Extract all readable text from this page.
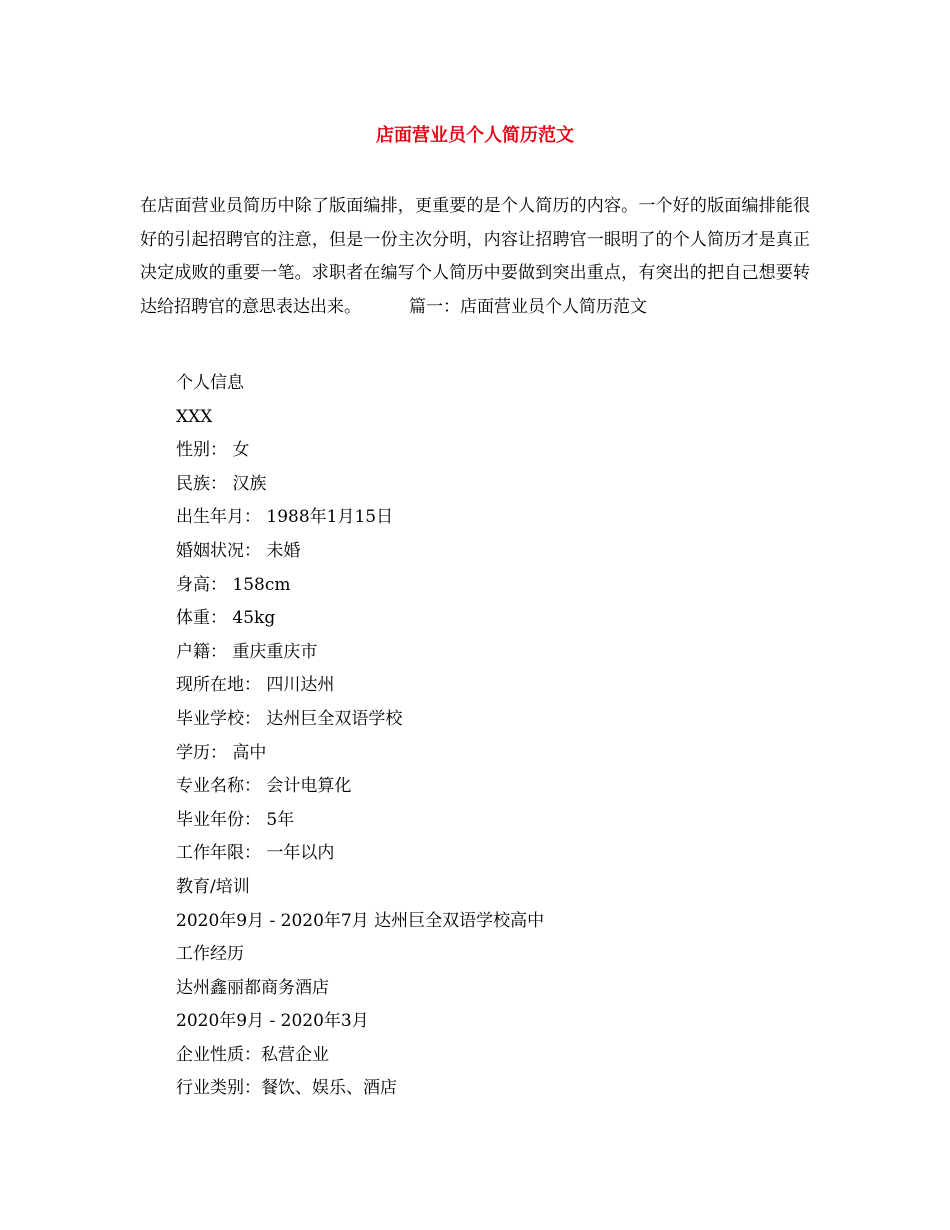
店面营业员个人简历范文

在店面营业员简历中除了版面编排，更重要的是个人简历的内容。一个好的版面编排能很好的引起招聘官的注意，但是一份主次分明，内容让招聘官一眼明了的个人简历才是真正决定成败的重要一笔。求职者在编写个人简历中要做到突出重点，有突出的把自己想要转达给招聘官的意思表达出来。	篇一：店面营业员个人简历范文

个人信息
XXX
性别： 女
民族： 汉族
出生年月： 1988年1月15日
婚姻状况： 未婚
身高： 158cm
体重： 45kg
户籍： 重庆重庆市
现所在地： 四川达州
毕业学校： 达州巨全双语学校
学历： 高中
专业名称： 会计电算化
毕业年份： 5年
工作年限： 一年以内
教育/培训
2020年9月 - 2020年7月 达州巨全双语学校高中
工作经历
达州鑫丽都商务酒店
2020年9月 - 2020年3月
企业性质：私营企业
行业类别：餐饮、娱乐、酒店
